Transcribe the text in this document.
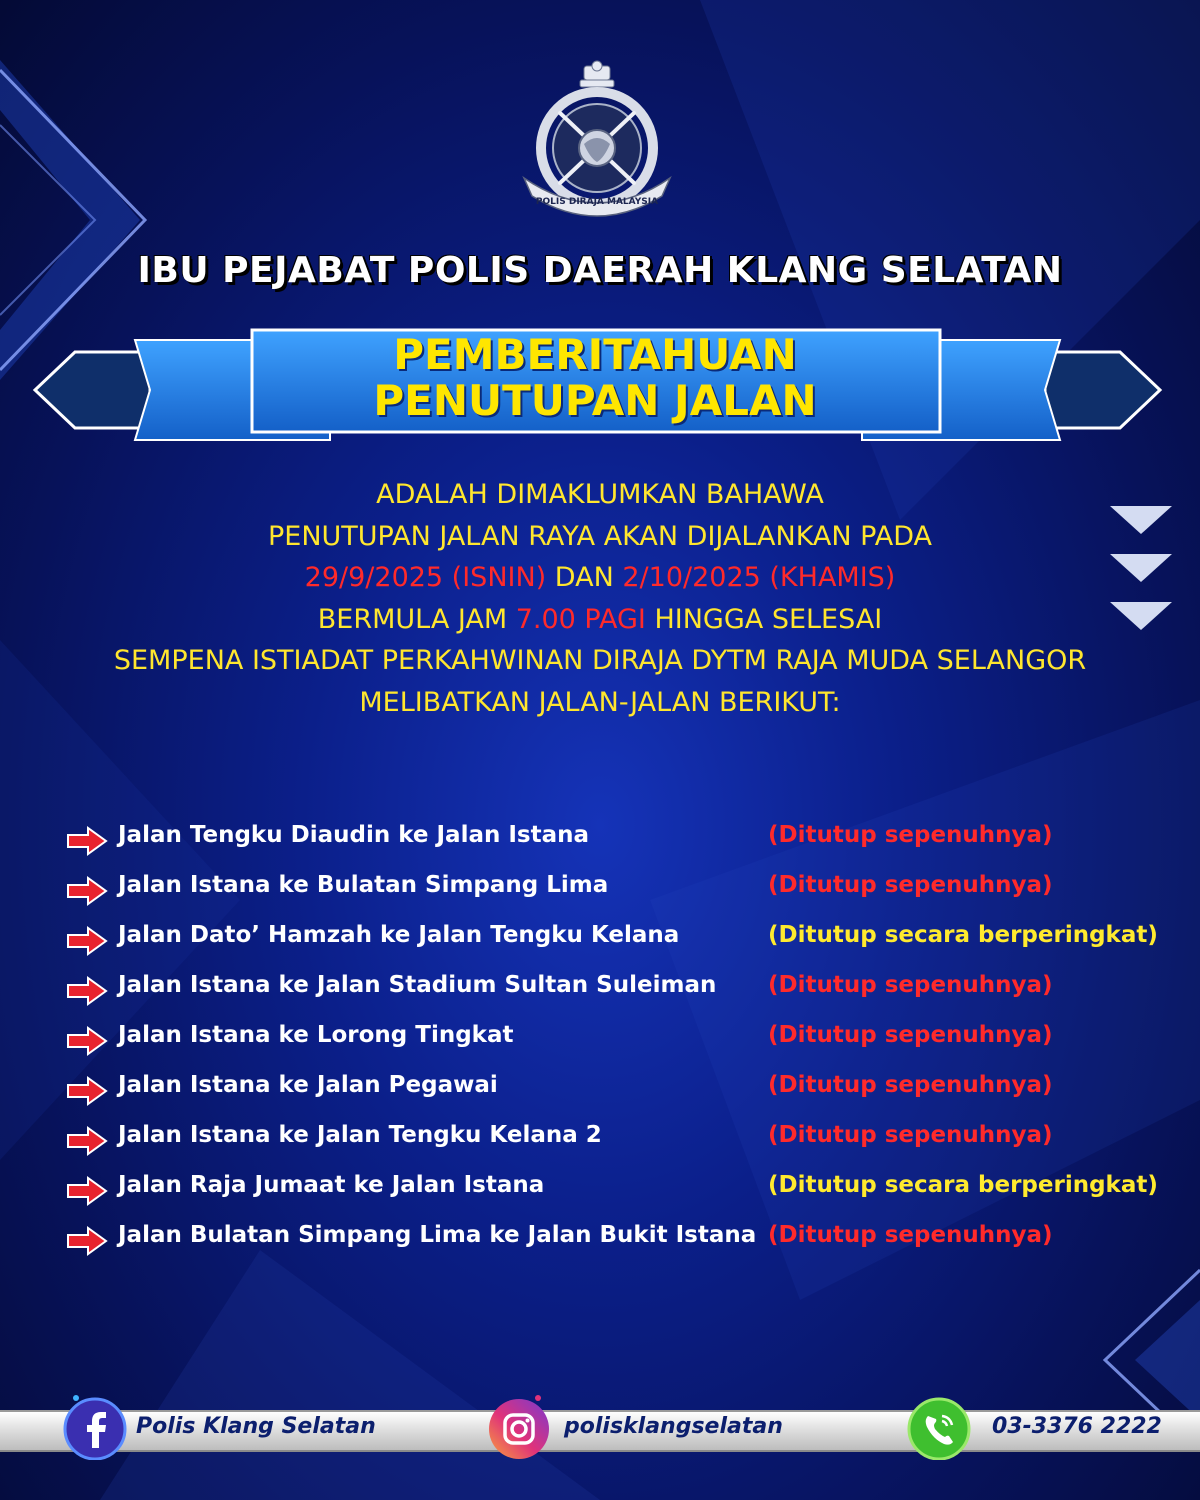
POLIS DIRAJA MALAYSIA
IBU PEJABAT POLIS DAERAH KLANG SELATAN
PEMBERITAHUAN
PENUTUPAN JALAN
ADALAH DIMAKLUMKAN BAHAWA
PENUTUPAN JALAN RAYA AKAN DIJALANKAN PADA
29/9/2025 (ISNIN) DAN 2/10/2025 (KHAMIS)
BERMULA JAM 7.00 PAGI HINGGA SELESAI
SEMPENA ISTIADAT PERKAHWINAN DIRAJA DYTM RAJA MUDA SELANGOR
MELIBATKAN JALAN-JALAN BERIKUT:
Jalan Tengku Diaudin ke Jalan Istana	(Ditutup sepenuhnya)
Jalan Istana ke Bulatan Simpang Lima	(Ditutup sepenuhnya)
Jalan Dato’ Hamzah ke Jalan Tengku Kelana	(Ditutup secara berperingkat)
Jalan Istana ke Jalan Stadium Sultan Suleiman (Ditutup sepenuhnya)
Jalan Istana ke Lorong Tingkat	(Ditutup sepenuhnya)
Jalan Istana ke Jalan Pegawai	(Ditutup sepenuhnya)
Jalan Istana ke Jalan Tengku Kelana 2	(Ditutup sepenuhnya)
Jalan Raja Jumaat ke Jalan Istana	(Ditutup secara berperingkat)
Jalan Bulatan Simpang Lima ke Jalan Bukit Istana (Ditutup sepenuhnya)
Polis Klang Selatan	polisklangselatan	03-3376 2222
